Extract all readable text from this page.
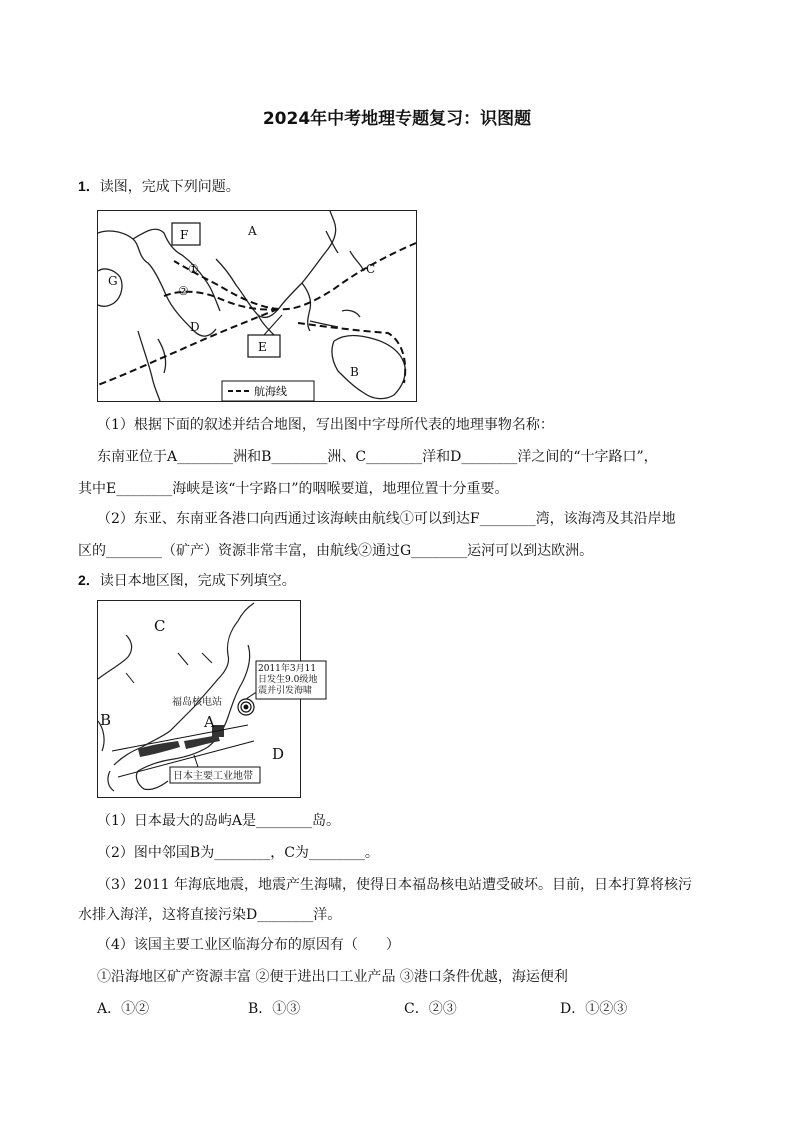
2024年中考地理专题复习：识图题
1．读图，完成下列问题。
A
B
C
D
G
①
②
F
E
航海线
（1）根据下面的叙述并结合地图，写出图中字母所代表的地理事物名称：
东南亚位于A________洲和B________洲、C________洋和D________洋之间的“十字路口”，
其中E________海峡是该“十字路口”的咽喉要道，地理位置十分重要。
（2）东亚、东南亚各港口向西通过该海峡由航线①可以到达F________湾，该海湾及其沿岸地
区的________（矿产）资源非常丰富，由航线②通过G________运河可以到达欧洲。
2．读日本地区图，完成下列填空。
2011年3月11
日发生9.0级地
震并引发海啸
福岛核电站
C
A
B
D
日本主要工业地带
（1）日本最大的岛屿A是________岛。
（2）图中邻国B为________，C为________。
（3）2011 年海底地震，地震产生海啸，使得日本福岛核电站遭受破坏。目前，日本打算将核污
水排入海洋，这将直接污染D________洋。
（4）该国主要工业区临海分布的原因有（　　）
①沿海地区矿产资源丰富 ②便于进出口工业产品 ③港口条件优越，海运便利
A．①②	B．①③	C．②③	D．①②③
